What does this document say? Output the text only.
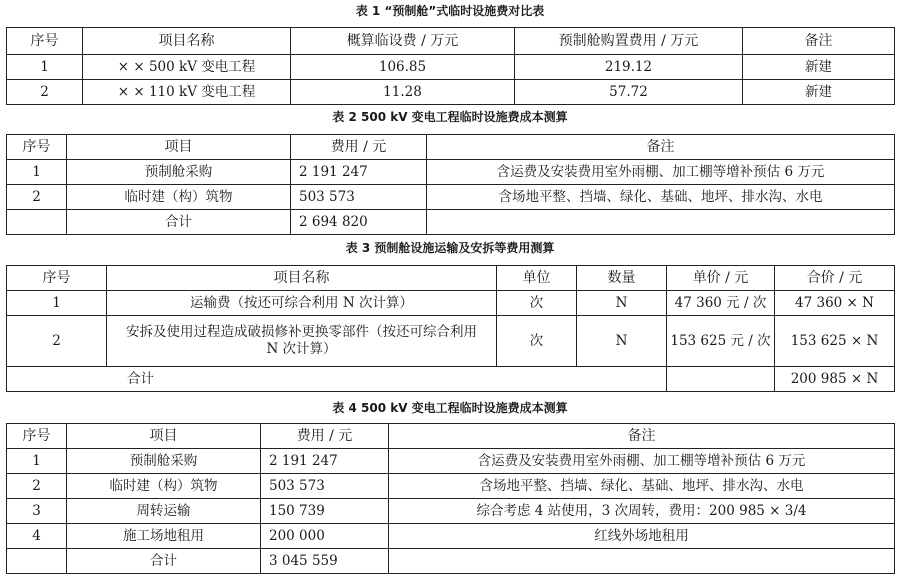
表 1 “预制舱”式临时设施费对比表
序号	项目名称	概算临设费 / 万元	预制舱购置费用 / 万元	备注
1	× × 500 kV 变电工程	106.85	219.12	新建
2	× × 110 kV 变电工程	11.28	57.72	新建
表 2 500 kV 变电工程临时设施费成本测算
序号	项目	费用 / 元	备注
1	预制舱采购	2 191 247	含运费及安装费用室外雨棚、加工棚等增补预估 6 万元
2	临时建（构）筑物	503 573	含场地平整、挡墙、绿化、基础、地坪、排水沟、水电
	合计	2 694 820	
表 3 预制舱设施运输及安拆等费用测算
序号	项目名称	单位	数量	单价 / 元	合价 / 元
1	运输费（按还可综合利用 N 次计算）	次	N	47 360 元 / 次	47 360 × N
2	安拆及使用过程造成破损修补更换零部件（按还可综合利用 N 次计算）	次	N	153 625 元 / 次	153 625 × N
合计					200 985 × N
表 4 500 kV 变电工程临时设施费成本测算
序号	项目	费用 / 元	备注
1	预制舱采购	2 191 247	含运费及安装费用室外雨棚、加工棚等增补预估 6 万元
2	临时建（构）筑物	503 573	含场地平整、挡墙、绿化、基础、地坪、排水沟、水电
3	周转运输	150 739	综合考虑 4 站使用，3 次周转，费用：200 985 × 3/4
4	施工场地租用	200 000	红线外场地租用
	合计	3 045 559	
